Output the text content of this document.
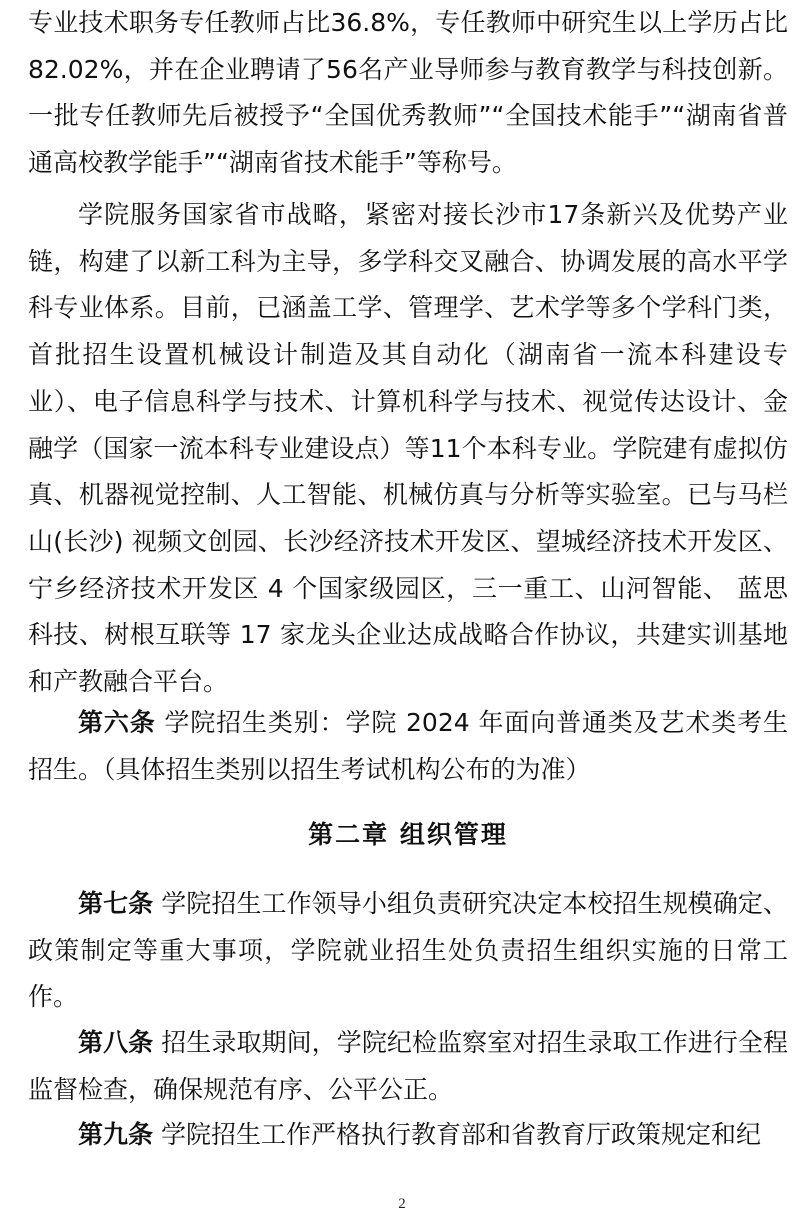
专业技术职务专任教师占比36.8%，专任教师中研究生以上学历占比82.02%，并在企业聘请了56名产业导师参与教育教学与科技创新。一批专任教师先后被授予“全国优秀教师”“全国技术能手”“湖南省普通高校教学能手”“湖南省技术能手”等称号。

学院服务国家省市战略，紧密对接长沙市17条新兴及优势产业链，构建了以新工科为主导，多学科交叉融合、协调发展的高水平学科专业体系。目前，已涵盖工学、管理学、艺术学等多个学科门类，首批招生设置机械设计制造及其自动化（湖南省一流本科建设专业）、电子信息科学与技术、计算机科学与技术、视觉传达设计、金融学（国家一流本科专业建设点）等11个本科专业。学院建有虚拟仿真、机器视觉控制、人工智能、机械仿真与分析等实验室。已与马栏山(长沙) 视频文创园、长沙经济技术开发区、望城经济技术开发区、宁乡经济技术开发区 4 个国家级园区，三一重工、山河智能、 蓝思科技、树根互联等 17 家龙头企业达成战略合作协议，共建实训基地和产教融合平台。

第六条 学院招生类别：学院 2024 年面向普通类及艺术类考生招生。（具体招生类别以招生考试机构公布的为准）

第二章 组织管理

第七条 学院招生工作领导小组负责研究决定本校招生规模确定、政策制定等重大事项，学院就业招生处负责招生组织实施的日常工作。

第八条 招生录取期间，学院纪检监察室对招生录取工作进行全程监督检查，确保规范有序、公平公正。

第九条 学院招生工作严格执行教育部和省教育厅政策规定和纪

2
